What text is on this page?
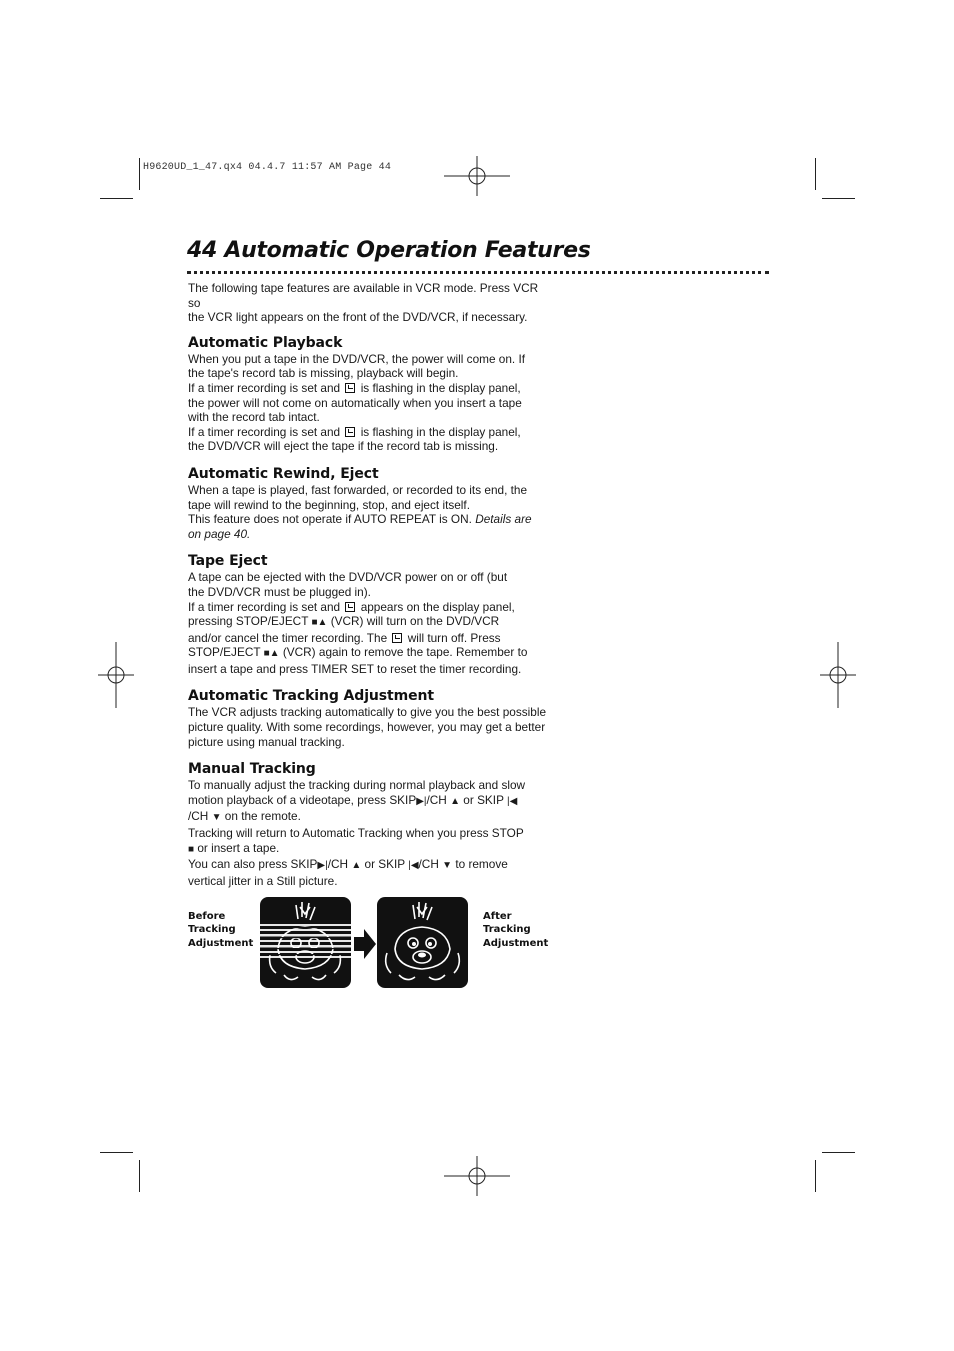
H9620UD_1_47.qx4 04.4.7 11:57 AM Page 44
44 Automatic Operation Features

The following tape features are available in VCR mode. Press VCR so

the VCR light appears on the front of the DVD/VCR, if necessary.

Automatic Playback

When you put a tape in the DVD/VCR, the power will come on. If

the tape's record tab is missing, playback will begin.

If a timer recording is set and is flashing in the display panel,

the power will not come on automatically when you insert a tape

with the record tab intact.

If a timer recording is set and is flashing in the display panel,

the DVD/VCR will eject the tape if the record tab is missing.

Automatic Rewind, Eject

When a tape is played, fast forwarded, or recorded to its end, the

tape will rewind to the beginning, stop, and eject itself.

This feature does not operate if AUTO REPEAT is ON. Details are

on page 40.

Tape Eject

A tape can be ejected with the DVD/VCR power on or off (but

the DVD/VCR must be plugged in).

If a timer recording is set and appears on the display panel,

pressing STOP/EJECT ■▲ (VCR) will turn on the DVD/VCR

and/or cancel the timer recording. The will turn off. Press

STOP/EJECT ■▲ (VCR) again to remove the tape. Remember to

insert a tape and press TIMER SET to reset the timer recording.

Automatic Tracking Adjustment

The VCR adjusts tracking automatically to give you the best possible

picture quality. With some recordings, however, you may get a better

picture using manual tracking.

Manual Tracking

To manually adjust the tracking during normal playback and slow

motion playback of a videotape, press SKIP▶|/CH ▲ or SKIP |◀

/CH ▼ on the remote.

Tracking will return to Automatic Tracking when you press STOP

■ or insert a tape.

You can also press SKIP▶|/CH ▲ or SKIP |◀/CH ▼ to remove

vertical jitter in a Still picture.

Before
Tracking
Adjustment
After
Tracking
Adjustment
